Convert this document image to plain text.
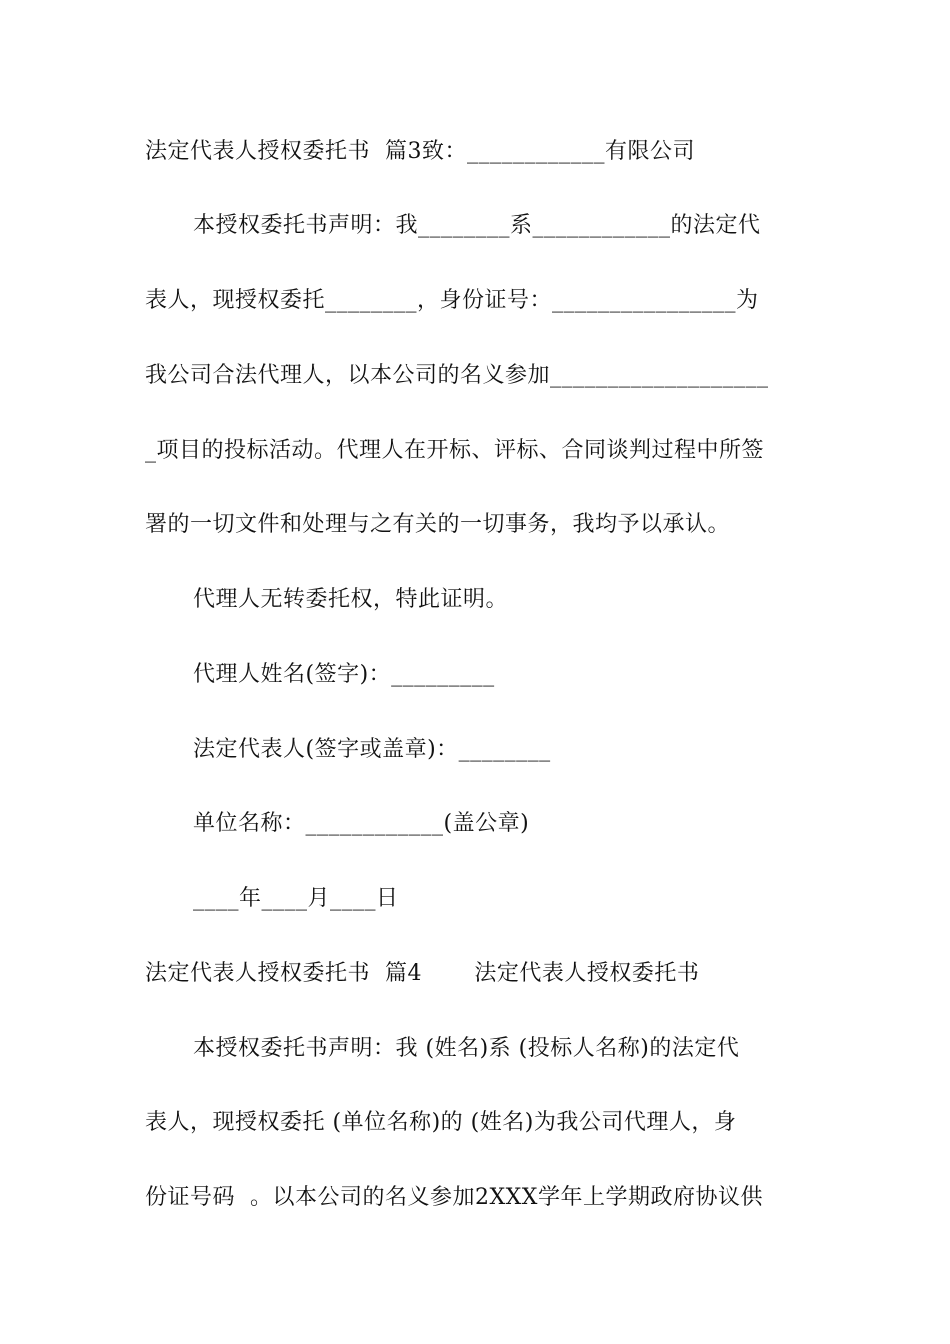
法定代表人授权委托书  篇3致：____________有限公司
本授权委托书声明：我________系____________的法定代
表人，现授权委托________，身份证号：________________为
我公司合法代理人，以本公司的名义参加___________________
_项目的投标活动。代理人在开标、评标、合同谈判过程中所签
署的一切文件和处理与之有关的一切事务，我均予以承认。
代理人无转委托权，特此证明。
代理人姓名(签字)：_________
法定代表人(签字或盖章)：________
单位名称：____________(盖公章)
____年____月____日
法定代表人授权委托书  篇4       法定代表人授权委托书
本授权委托书声明：我 (姓名)系 (投标人名称)的法定代
表人，现授权委托 (单位名称)的 (姓名)为我公司代理人，身
份证号码  。以本公司的名义参加2XXX学年上学期政府协议供
